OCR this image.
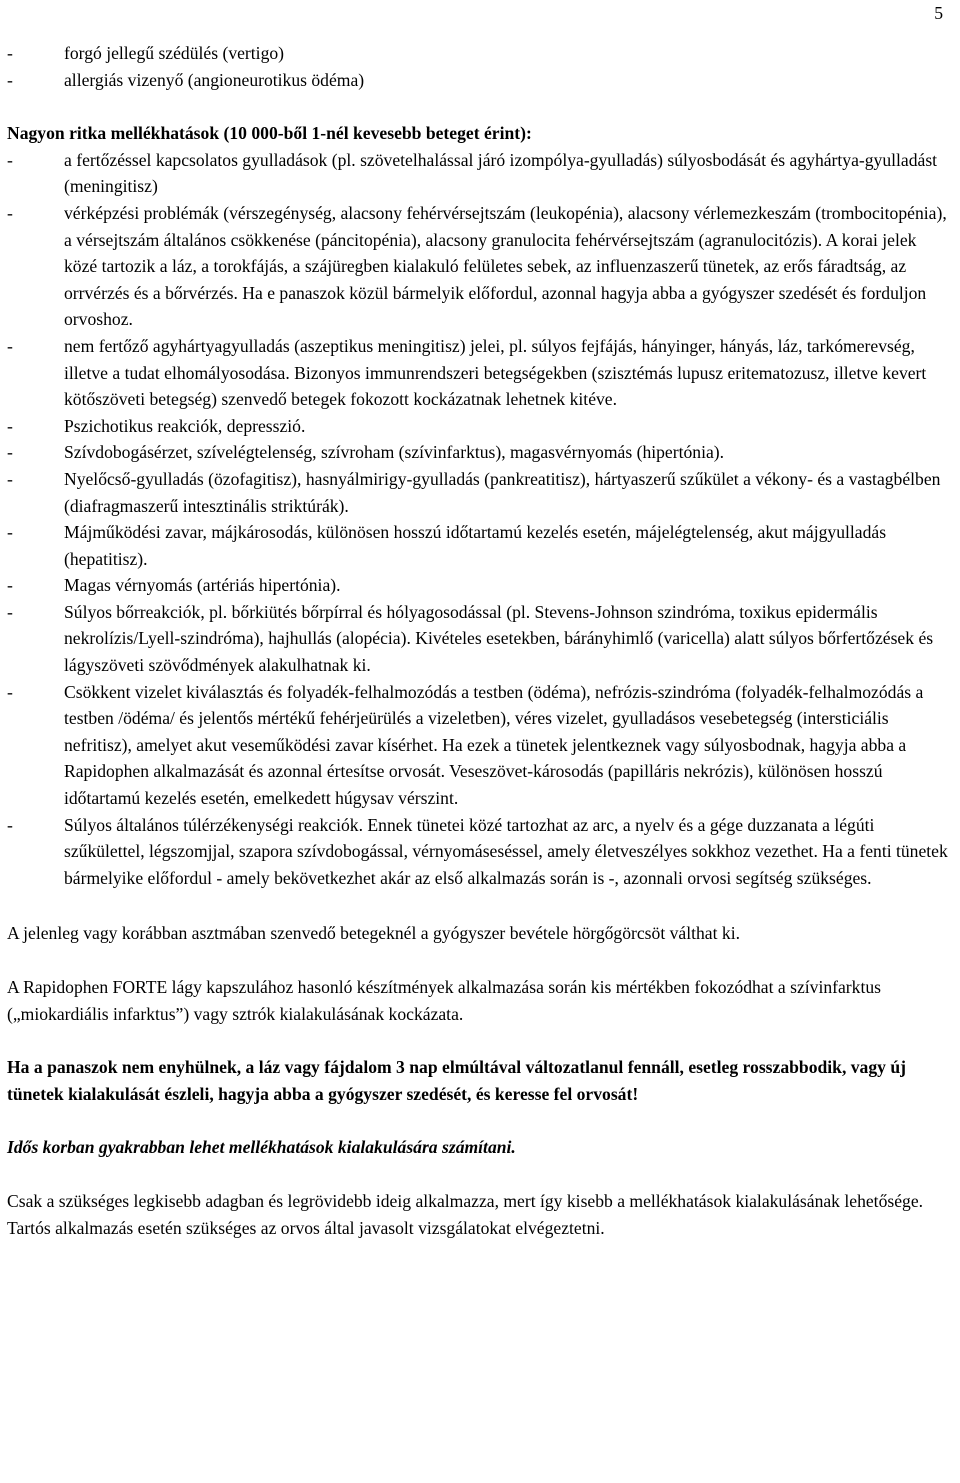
5
-	forgó jellegű szédülés (vertigo)
-	allergiás vizenyő (angioneurotikus ödéma)

Nagyon ritka mellékhatások (10 000-ből 1-nél kevesebb beteget érint):

-	a fertőzéssel kapcsolatos gyulladások (pl. szövetelhalással járó izompólya-gyulladás) súlyosbodását és agyhártya-gyulladást (meningitisz)
-	vérképzési problémák (vérszegénység, alacsony fehérvérsejtszám (leukopénia), alacsony vérlemezkeszám (trombocitopénia), a vérsejtszám általános csökkenése (páncitopénia), alacsony granulocita fehérvérsejtszám (agranulocitózis). A korai jelek közé tartozik a láz, a torokfájás, a szájüregben kialakuló felületes sebek, az influenzaszerű tünetek, az erős fáradtság, az orrvérzés és a bőrvérzés. Ha e panaszok közül bármelyik előfordul, azonnal hagyja abba a gyógyszer szedését és forduljon orvoshoz.
-	nem fertőző agyhártyagyulladás (aszeptikus meningitisz) jelei, pl. súlyos fejfájás, hányinger, hányás, láz, tarkómerevség, illetve a tudat elhomályosodása. Bizonyos immunrendszeri betegségekben (szisztémás lupusz eritematozusz, illetve kevert kötőszöveti betegség) szenvedő betegek fokozott kockázatnak lehetnek kitéve.
-	Pszichotikus reakciók, depresszió.
-	Szívdobogásérzet, szívelégtelenség, szívroham (szívinfarktus), magasvérnyomás (hipertónia).
-	Nyelőcső-gyulladás (özofagitisz), hasnyálmirigy-gyulladás (pankreatitisz), hártyaszerű szűkület a vékony- és a vastagbélben (diafragmaszerű intesztinális striktúrák).
-	Májműködési zavar, májkárosodás, különösen hosszú időtartamú kezelés esetén, májelégtelenség, akut májgyulladás (hepatitisz).
-	Magas vérnyomás (artériás hipertónia).
-	Súlyos bőrreakciók, pl. bőrkiütés bőrpírral és hólyagosodással (pl. Stevens-Johnson szindróma, toxikus epidermális nekrolízis/Lyell-szindróma), hajhullás (alopécia). Kivételes esetekben, bárányhimlő (varicella) alatt súlyos bőrfertőzések és lágyszöveti szövődmények alakulhatnak ki.
-	Csökkent vizelet kiválasztás és folyadék-felhalmozódás a testben (ödéma), nefrózis-szindróma (folyadék-felhalmozódás a testben /ödéma/ és jelentős mértékű fehérjeürülés a vizeletben), véres vizelet, gyulladásos vesebetegség (intersticiális nefritisz), amelyet akut veseműködési zavar kísérhet. Ha ezek a tünetek jelentkeznek vagy súlyosbodnak, hagyja abba a Rapidophen alkalmazását és azonnal értesítse orvosát. Veseszövet-károsodás (papilláris nekrózis), különösen hosszú időtartamú kezelés esetén, emelkedett húgysav vérszint.
-	Súlyos általános túlérzékenységi reakciók. Ennek tünetei közé tartozhat az arc, a nyelv és a gége duzzanata a légúti szűkülettel, légszomjjal, szapora szívdobogással, vérnyomáseséssel, amely életveszélyes sokkhoz vezethet. Ha a fenti tünetek bármelyike előfordul - amely bekövetkezhet akár az első alkalmazás során is -, azonnali orvosi segítség szükséges.

A jelenleg vagy korábban asztmában szenvedő betegeknél a gyógyszer bevétele hörgőgörcsöt válthat ki.

A Rapidophen FORTE lágy kapszulához hasonló készítmények alkalmazása során kis mértékben fokozódhat a szívinfarktus („miokardiális infarktus”) vagy sztrók kialakulásának kockázata.

Ha a panaszok nem enyhülnek, a láz vagy fájdalom 3 nap elmúltával változatlanul fennáll, esetleg rosszabbodik, vagy új tünetek kialakulását észleli, hagyja abba a gyógyszer szedését, és keresse fel orvosát!

Idős korban gyakrabban lehet mellékhatások kialakulására számítani.

Csak a szükséges legkisebb adagban és legrövidebb ideig alkalmazza, mert így kisebb a mellékhatások kialakulásának lehetősége.

Tartós alkalmazás esetén szükséges az orvos által javasolt vizsgálatokat elvégeztetni.
